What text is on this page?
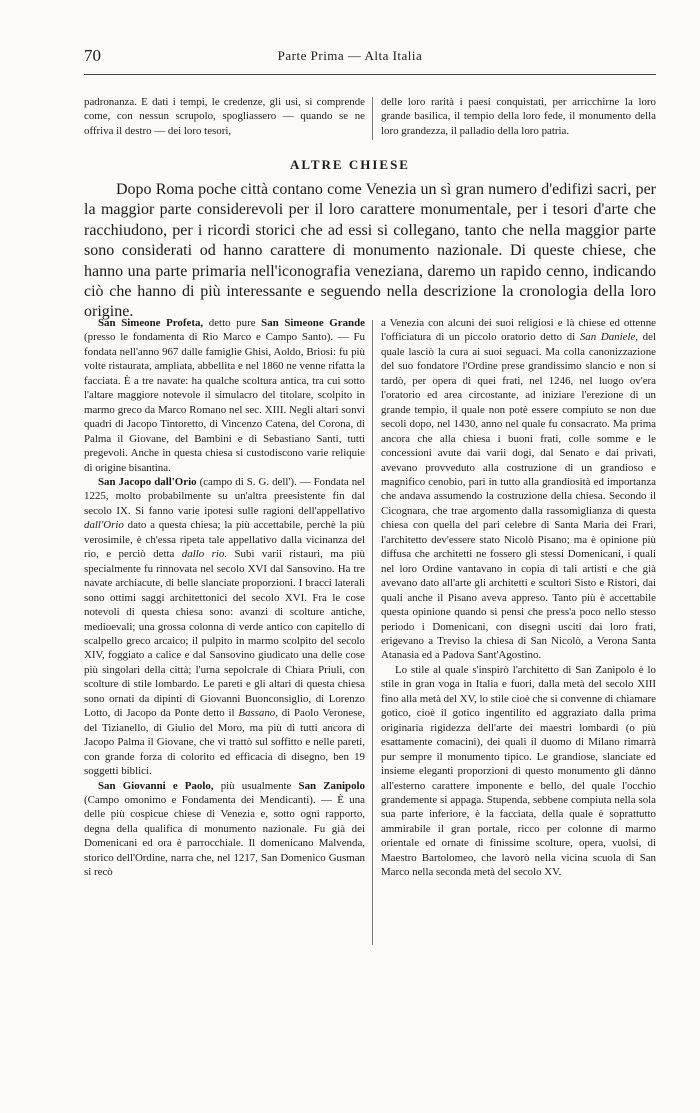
70	Parte Prima — Alta Italia

padronanza. E dati i tempi, le credenze, gli usi, si comprende come, con nessun scrupolo, spogliassero — quando se ne offriva il destro — dei loro tesori,

delle loro rarità i paesi conquistati, per arricchirne la loro grande basilica, il tempio della loro fede, il monumento della loro grandezza, il palladio della loro patria.

ALTRE CHIESE

Dopo Roma poche città contano come Venezia un sì gran numero d'edifizi sacri, per la maggior parte considerevoli per il loro carattere monumentale, per i tesori d'arte che racchiudono, per i ricordi storici che ad essi si collegano, tanto che nella maggior parte sono considerati od hanno carattere di monumento nazionale. Di queste chiese, che hanno una parte primaria nell'iconografia veneziana, daremo un rapido cenno, indicando ciò che hanno di più interessante e seguendo nella descrizione la cronologia della loro origine.

San Simeone Profeta, detto pure San Simeone Grande (presso le fondamenta di Rio Marco e Campo Santo). — Fu fondata nell'anno 967 dalle famiglie Ghisi, Aoldo, Briosi: fu più volte ristaurata, ampliata, abbellita e nel 1860 ne venne rifatta la facciata. È a tre navate: ha qualche scoltura antica, tra cui sotto l'altare maggiore notevole il simulacro del titolare, scolpito in marmo greco da Marco Romano nel sec. XIII. Negli altari sonvi quadri di Jacopo Tintoretto, di Vincenzo Catena, del Corona, di Palma il Giovane, del Bambini e di Sebastiano Santi, tutti pregevoli. Anche in questa chiesa si custodiscono varie reliquie di origine bisantina.

San Jacopo dall'Orio (campo di S. G. dell'). — Fondata nel 1225, molto probabilmente su un'altra preesistente fin dal secolo IX. Si fanno varie ipotesi sulle ragioni dell'appellativo dall'Orio dato a questa chiesa; la più accettabile, perchè la più verosimile, è ch'essa ripeta tale appellativo dalla vicinanza del rio, e perciò detta dallo rio. Subì varii ristauri, ma più specialmente fu rinnovata nel secolo XVI dal Sansovino. Ha tre navate archiacute, di belle slanciate proporzioni. I bracci laterali sono ottimi saggi architettonici del secolo XVI. Fra le cose notevoli di questa chiesa sono: avanzi di scolture antiche, medioevali; una grossa colonna di verde antico con capitello di scalpello greco arcaico; il pulpito in marmo scolpito del secolo XIV, foggiato a calice e dal Sansovino giudicato una delle cose più singolari della città; l'urna sepolcrale di Chiara Priuli, con scolture di stile lombardo. Le pareti e gli altari di questa chiesa sono ornati da dipinti di Giovanni Buonconsiglio, di Lorenzo Lotto, di Jacopo da Ponte detto il Bassano, di Paolo Veronese, del Tizianello, di Giulio del Moro, ma più di tutti ancora di Jacopo Palma il Giovane, che vi trattò sul soffitto e nelle pareti, con grande forza di colorito ed efficacia di disegno, ben 19 soggetti biblici.

San Giovanni e Paolo, più usualmente San Zanipolo (Campo omonimo e Fondamenta dei Mendicanti). — È una delle più cospicue chiese di Venezia e, sotto ogni rapporto, degna della qualifica di monumento nazionale. Fu già dei Domenicani ed ora è parrocchiale. Il domenicano Malvenda, storico dell'Ordine, narra che, nel 1217, San Domenico Gusman si recò

a Venezia con alcuni dei suoi religiosi e là chiese ed ottenne l'officiatura di un piccolo oratorio detto di San Daniele, del quale lasciò la cura ai suoi seguaci. Ma colla canonizzazione del suo fondatore l'Ordine prese grandissimo slancio e non si tardò, per opera di quei frati, nel 1246, nel luogo ov'era l'oratorio ed area circostante, ad iniziare l'erezione di un grande tempio, il quale non potè essere compiuto se non due secoli dopo, nel 1430, anno nel quale fu consacrato. Ma prima ancora che alla chiesa i buoni frati, colle somme e le concessioni avute dai varii dogi, dal Senato e dai privati, avevano provveduto alla costruzione di un grandioso e magnifico cenobio, pari in tutto alla grandiosità ed importanza che andava assumendo la costruzione della chiesa. Secondo il Cicognara, che trae argomento dalla rassomiglianza di questa chiesa con quella del pari celebre di Santa Maria dei Frari, l'architetto dev'essere stato Nicolò Pisano; ma è opinione più diffusa che architetti ne fossero gli stessi Domenicani, i quali nel loro Ordine vantavano in copia di tali artisti e che già avevano dato all'arte gli architetti e scultori Sisto e Ristori, dai quali anche il Pisano aveva appreso. Tanto più è accettabile questa opinione quando si pensi che press'a poco nello stesso periodo i Domenicani, con disegni usciti dai loro frati, erigevano a Treviso la chiesa di San Nicolò, a Verona Santa Atanasia ed a Padova Sant'Agostino.

Lo stile al quale s'inspirò l'architetto di San Zanipolo è lo stile in gran voga in Italia e fuori, dalla metà del secolo XIII fino alla metà del XV, lo stile cioè che si convenne di chiamare gotico, cioè il gotico ingentilito ed aggraziato dalla prima originaria rigidezza dell'arte dei maestri lombardi (o più esattamente comacini), dei quali il duomo di Milano rimarrà pur sempre il monumento tipico. Le grandiose, slanciate ed insieme eleganti proporzioni di questo monumento gli dànno all'esterno carattere imponente e bello, del quale l'occhio grandemente si appaga. Stupenda, sebbene compiuta nella sola sua parte inferiore, è la facciata, della quale è soprattutto ammirabile il gran portale, ricco per colonne di marmo orientale ed ornate di finissime scolture, opera, vuolsi, di Maestro Bartolomeo, che lavorò nella vicina scuola di San Marco nella seconda metà del secolo XV.
